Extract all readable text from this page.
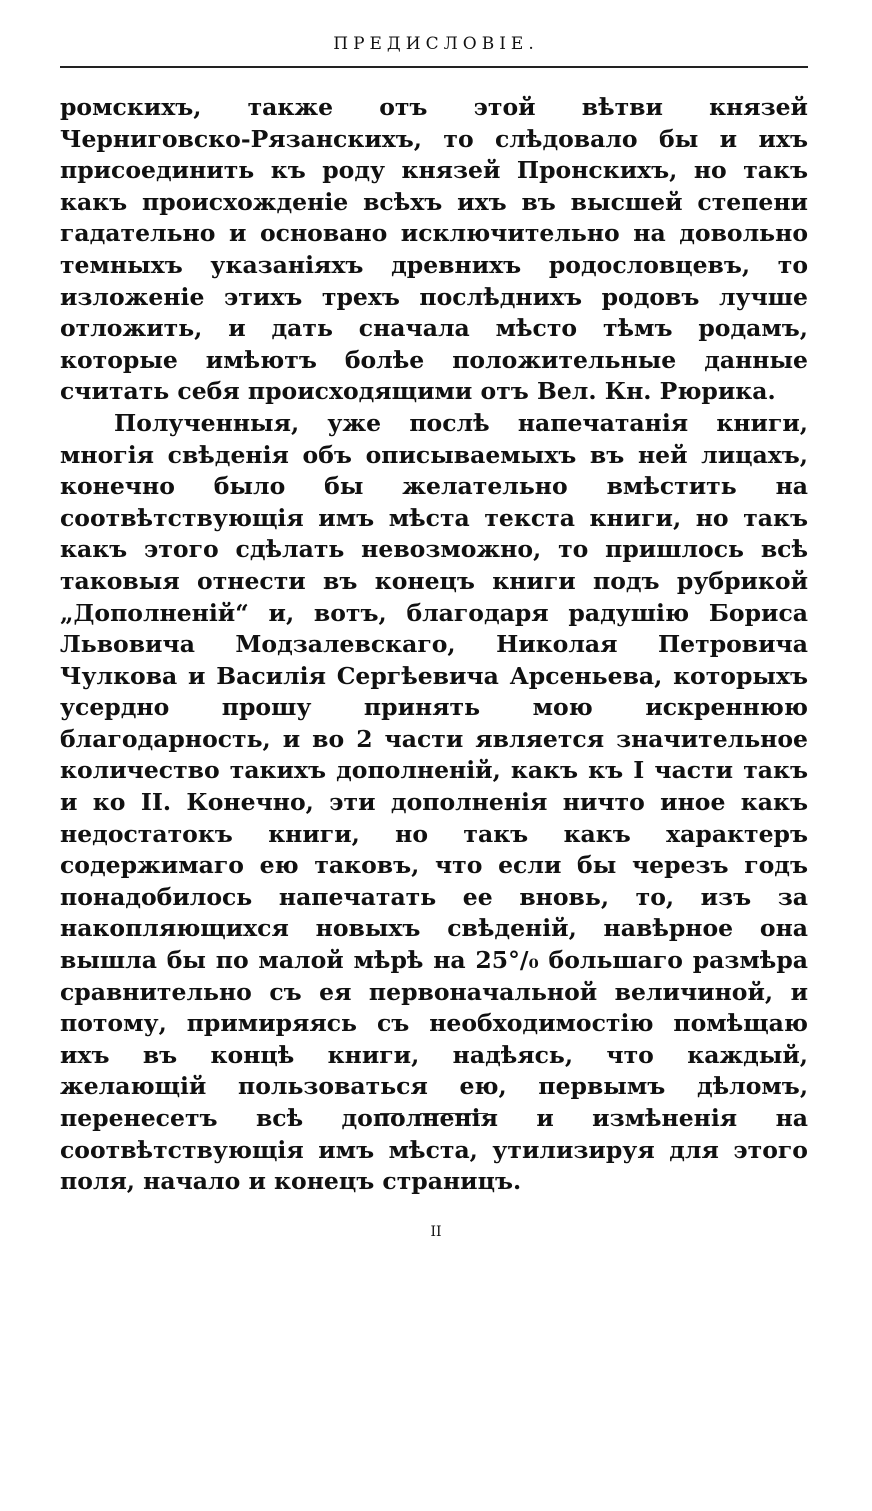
ПРЕДИСЛОВІЕ.

ромскихъ, также отъ этой вѣтви князей Черниговско-Рязанскихъ, то слѣдовало бы и ихъ присоединить къ роду князей Пронскихъ, но такъ какъ происхожденіе всѣхъ ихъ въ высшей степени гадательно и основано исключительно на довольно темныхъ указаніяхъ древнихъ родословцевъ, то изложеніе этихъ трехъ послѣднихъ родовъ лучше отложить, и дать сначала мѣсто тѣмъ родамъ, которые имѣютъ болѣе положительные данные считать себя происходящими отъ Вел. Кн. Рюрика.

Полученныя, уже послѣ напечатанія книги, многія свѣденія объ описываемыхъ въ ней лицахъ, конечно было бы желательно вмѣстить на соотвѣтствующія имъ мѣста текста книги, но такъ какъ этого сдѣлать невозможно, то пришлось всѣ таковыя отнести въ конецъ книги подъ рубрикой „Дополненій“ и, вотъ, благодаря радушію Бориса Львовича Модзалевскаго, Николая Петровича Чулкова и Василія Сергѣевича Арсеньева, которыхъ усердно прошу принять мою искреннюю благодарность, и во 2 части является значительное количество такихъ дополненій, какъ къ I части такъ и ко II. Конечно, эти дополненія ничто иное какъ недостатокъ книги, но такъ какъ характеръ содержимаго ею таковъ, что если бы черезъ годъ понадобилось напечатать ее вновь, то, изъ за накопляющихся новыхъ свѣденій, навѣрное она вышла бы по малой мѣрѣ на 25°/₀ большаго размѣра сравнительно съ ея первоначальной величиной, и потому, примиряясь съ необходимостію помѣщаю ихъ въ концѣ книги, надѣясь, что каждый, желающій пользоваться ею, первымъ дѣломъ, перенесетъ всѣ дополненія и измѣненія на соотвѣтствующія имъ мѣста, утилизируя для этого поля, начало и конецъ страницъ.

II
